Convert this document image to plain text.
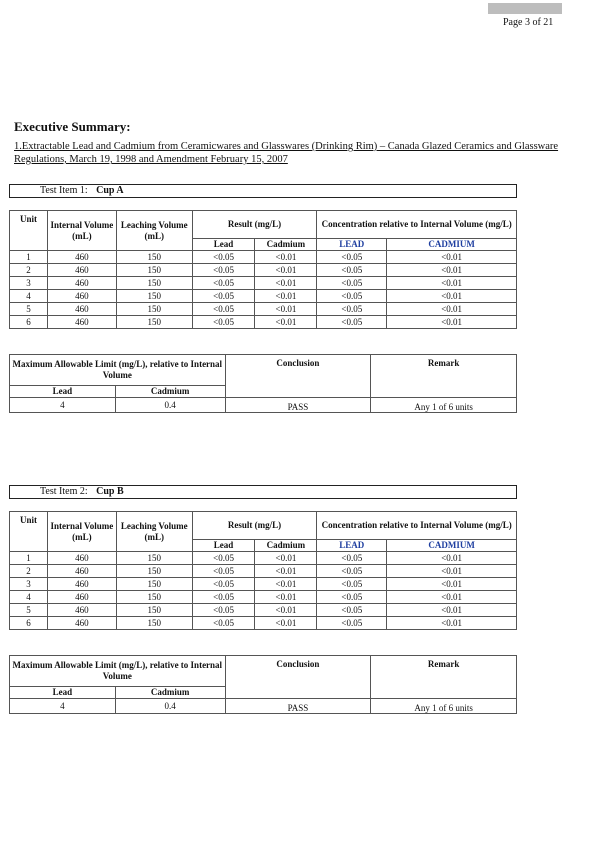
Page 3 of 21
Executive Summary:
1.Extractable Lead and Cadmium from Ceramicwares and Glasswares (Drinking Rim) – Canada Glazed Ceramics and Glassware Regulations, March 19, 1998 and Amendment February 15, 2007
Test Item 1: Cup A
Unit	Internal Volume (mL)	Leaching Volume (mL)	Result (mg/L)		Concentration relative to Internal Volume (mg/L)	
			Lead	Cadmium	LEAD	CADMIUM
1	460	150	<0.05	<0.01	<0.05	<0.01
2	460	150	<0.05	<0.01	<0.05	<0.01
3	460	150	<0.05	<0.01	<0.05	<0.01
4	460	150	<0.05	<0.01	<0.05	<0.01
5	460	150	<0.05	<0.01	<0.05	<0.01
6	460	150	<0.05	<0.01	<0.05	<0.01
Maximum Allowable Limit (mg/L), relative to Internal Volume		Conclusion	Remark
Lead	Cadmium		
4	0.4	PASS	Any 1 of 6 units
Test Item 2: Cup B
Unit	Internal Volume (mL)	Leaching Volume (mL)	Result (mg/L)		Concentration relative to Internal Volume (mg/L)	
			Lead	Cadmium	LEAD	CADMIUM
1	460	150	<0.05	<0.01	<0.05	<0.01
2	460	150	<0.05	<0.01	<0.05	<0.01
3	460	150	<0.05	<0.01	<0.05	<0.01
4	460	150	<0.05	<0.01	<0.05	<0.01
5	460	150	<0.05	<0.01	<0.05	<0.01
6	460	150	<0.05	<0.01	<0.05	<0.01
Maximum Allowable Limit (mg/L), relative to Internal Volume		Conclusion	Remark
Lead	Cadmium		
4	0.4	PASS	Any 1 of 6 units
